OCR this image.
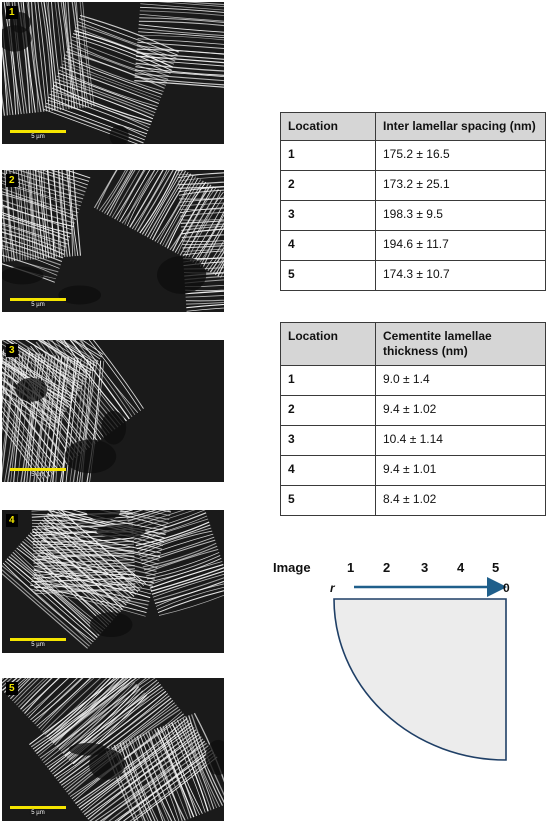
1
5 µm
2
5 µm
3
5 µm
4
5 µm
5
5 µm
Location	Inter lamellar spacing (nm)
1	175.2 ± 16.5
2	173.2 ± 25.1
3	198.3 ± 9.5
4	194.6 ± 11.7
5	174.3 ± 10.7
Location	Cementite lamellae thickness (nm)
1	9.0 ± 1.4
2	9.4 ± 1.02
3	10.4 ± 1.14
4	9.4 ± 1.01
5	8.4 ± 1.02
Image	1 2 3 4 5
r	0
